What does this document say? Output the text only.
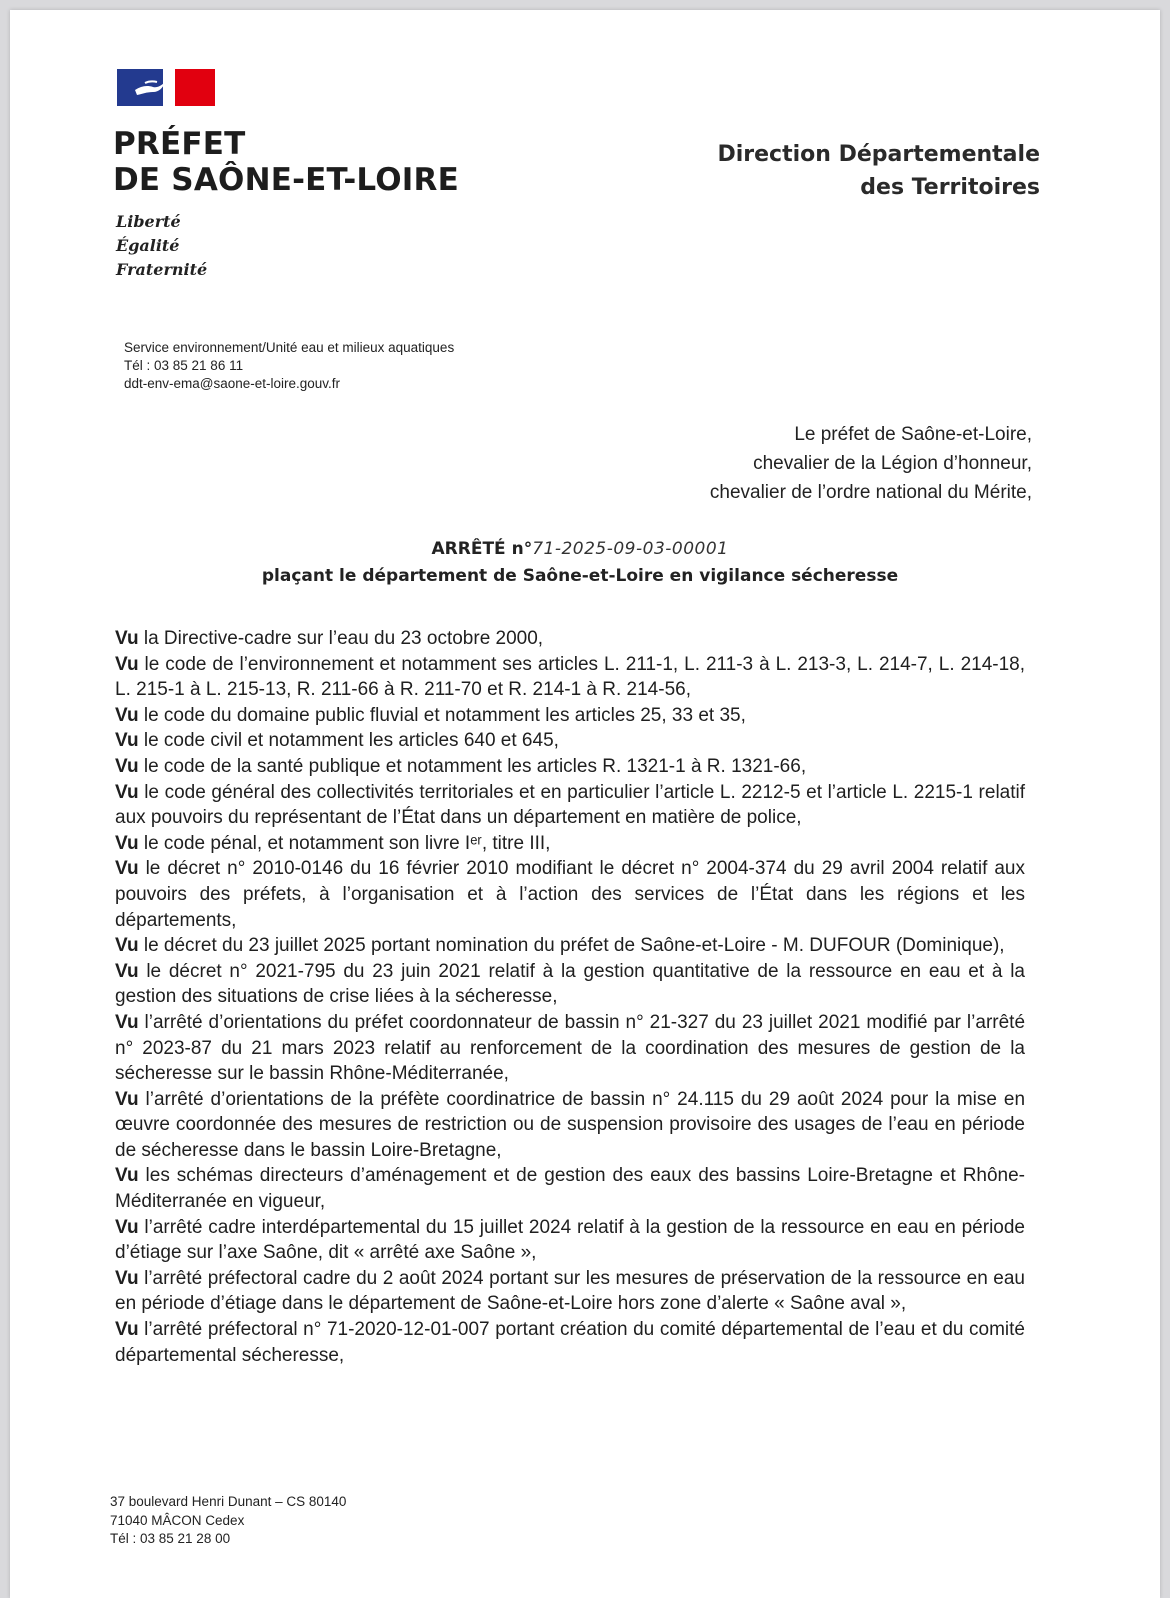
PRÉFET
DE SAÔNE-ET-LOIRE
Liberté
Égalité
Fraternité
Direction Départementale
des Territoires
Service environnement/Unité eau et milieux aquatiques
Tél : 03 85 21 86 11
ddt-env-ema@saone-et-loire.gouv.fr
Le préfet de Saône-et-Loire,
chevalier de la Légion d’honneur,
chevalier de l’ordre national du Mérite,
ARRÊTÉ n°71-2025-09-03-00001
plaçant le département de Saône-et-Loire en vigilance sécheresse

Vu la Directive-cadre sur l’eau du 23 octobre 2000,

Vu le code de l’environnement et notamment ses articles L. 211-1, L. 211-3 à L. 213-3, L. 214-7, L. 214-18, L. 215-1 à L. 215-13, R. 211-66 à R. 211-70 et R. 214-1 à R. 214-56,

Vu le code du domaine public fluvial et notamment les articles 25, 33 et 35,

Vu le code civil et notamment les articles 640 et 645,

Vu le code de la santé publique et notamment les articles R. 1321-1 à R. 1321-66,

Vu le code général des collectivités territoriales et en particulier l’article L. 2212-5 et l’article L. 2215-1 relatif aux pouvoirs du représentant de l’État dans un département en matière de police,

Vu le code pénal, et notamment son livre Iᵉʳ, titre III,

Vu le décret n° 2010-0146 du 16 février 2010 modifiant le décret n° 2004-374 du 29 avril 2004 relatif aux pouvoirs des préfets, à l’organisation et à l’action des services de l’État dans les régions et les départements,

Vu le décret du 23 juillet 2025 portant nomination du préfet de Saône-et-Loire - M. DUFOUR (Dominique),

Vu le décret n° 2021-795 du 23 juin 2021 relatif à la gestion quantitative de la ressource en eau et à la gestion des situations de crise liées à la sécheresse,

Vu l’arrêté d’orientations du préfet coordonnateur de bassin n° 21-327 du 23 juillet 2021 modifié par l’arrêté n° 2023-87 du 21 mars 2023 relatif au renforcement de la coordination des mesures de gestion de la sécheresse sur le bassin Rhône-Méditerranée,

Vu l’arrêté d’orientations de la préfète coordinatrice de bassin n° 24.115 du 29 août 2024 pour la mise en œuvre coordonnée des mesures de restriction ou de suspension provisoire des usages de l’eau en période de sécheresse dans le bassin Loire-Bretagne,

Vu les schémas directeurs d’aménagement et de gestion des eaux des bassins Loire-Bretagne et Rhône-Méditerranée en vigueur,

Vu l’arrêté cadre interdépartemental du 15 juillet 2024 relatif à la gestion de la ressource en eau en période d’étiage sur l’axe Saône, dit « arrêté axe Saône »,

Vu l’arrêté préfectoral cadre du 2 août 2024 portant sur les mesures de préservation de la ressource en eau en période d’étiage dans le département de Saône-et-Loire hors zone d’alerte « Saône aval »,

Vu l’arrêté préfectoral n° 71-2020-12-01-007 portant création du comité départemental de l’eau et du comité départemental sécheresse,

37 boulevard Henri Dunant – CS 80140
71040 MÂCON Cedex
Tél : 03 85 21 28 00
